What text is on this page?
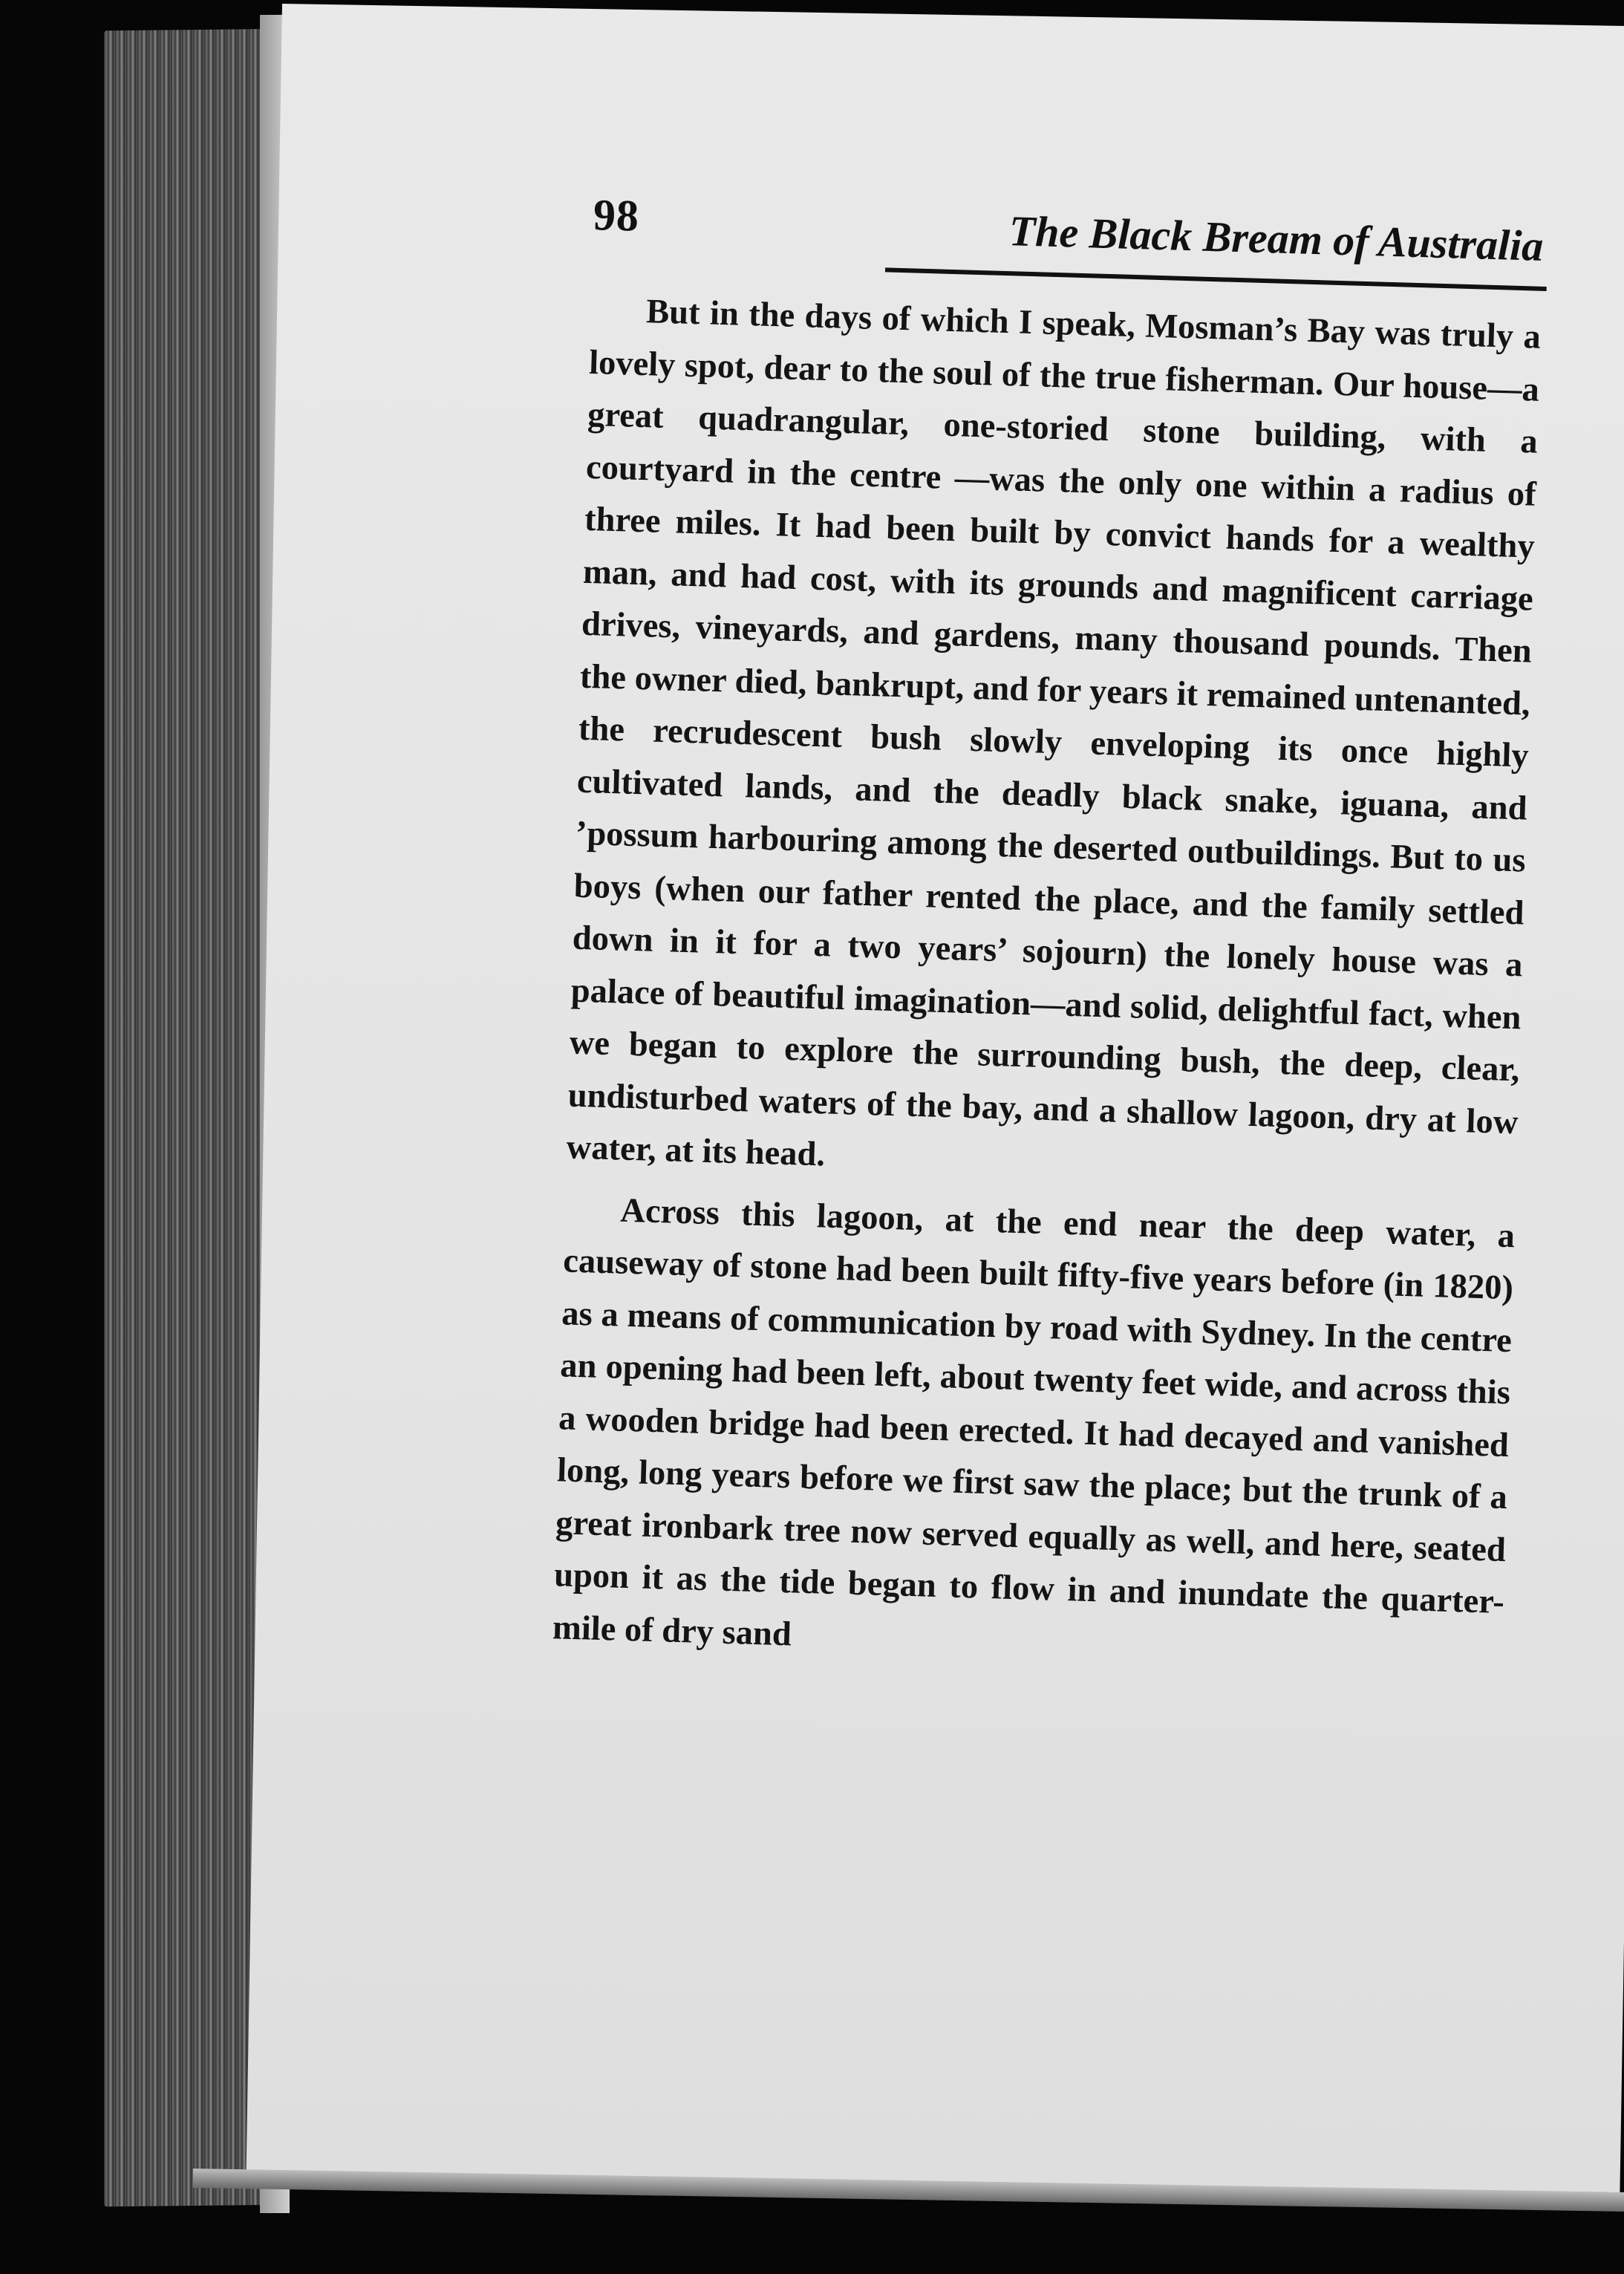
98	The Black Bream of Australia

But in the days of which I speak, Mosman’s Bay was truly a lovely spot, dear to the soul of the true fisherman. Our house—a great quadrangular, one-storied stone building, with a courtyard in the centre —was the only one within a radius of three miles. It had been built by convict hands for a wealthy man, and had cost, with its grounds and magnificent carriage drives, vineyards, and gardens, many thousand pounds. Then the owner died, bankrupt, and for years it remained untenanted, the recrudescent bush slowly enveloping its once highly cultivated lands, and the deadly black snake, iguana, and ’possum harbouring among the deserted outbuildings. But to us boys (when our father rented the place, and the family settled down in it for a two years’ sojourn) the lonely house was a palace of beautiful imagination—and solid, delightful fact, when we began to explore the surrounding bush, the deep, clear, undisturbed waters of the bay, and a shallow lagoon, dry at low water, at its head.

Across this lagoon, at the end near the deep water, a causeway of stone had been built fifty-five years before (in 1820) as a means of communication by road with Sydney. In the centre an opening had been left, about twenty feet wide, and across this a wooden bridge had been erected. It had decayed and vanished long, long years before we first saw the place; but the trunk of a great ironbark tree now served equally as well, and here, seated upon it as the tide began to flow in and inundate the quarter-mile of dry sand
